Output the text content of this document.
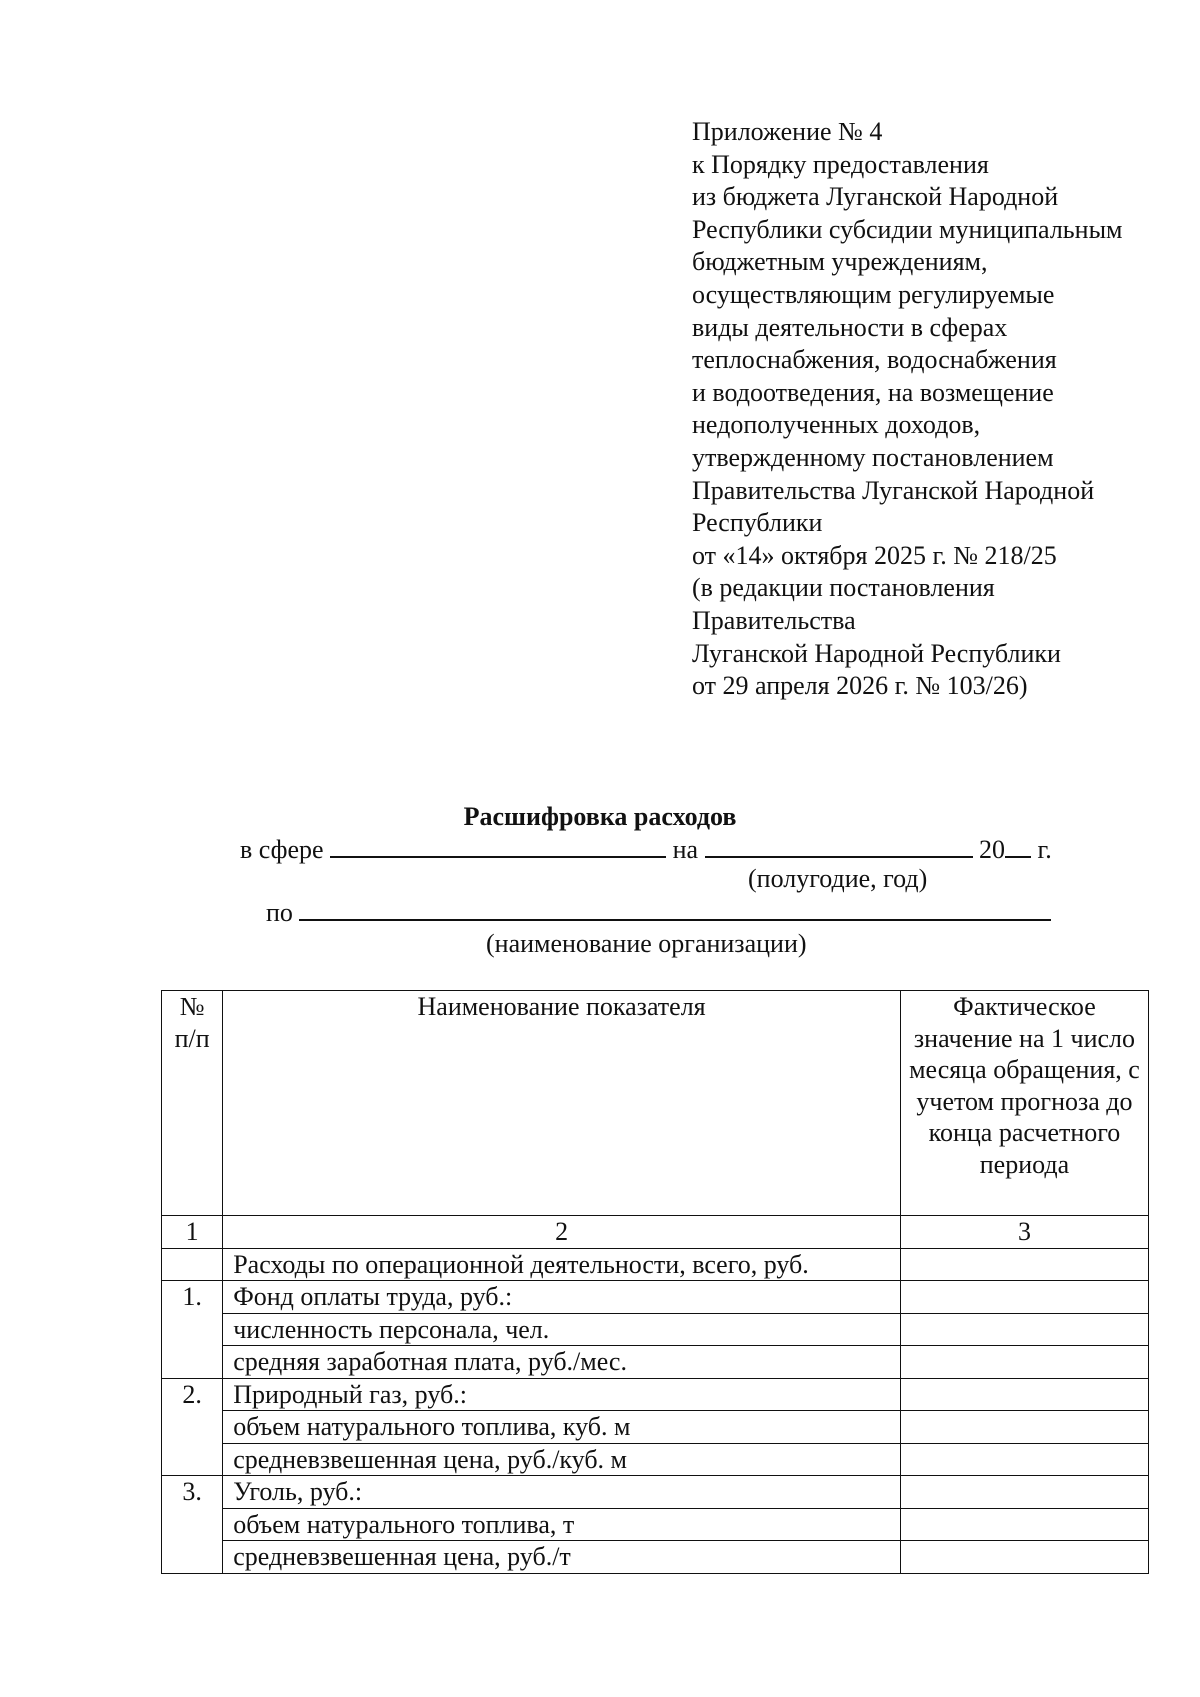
Приложение № 4
к Порядку предоставления
из бюджета Луганской Народной
Республики субсидии муниципальным
бюджетным учреждениям,
осуществляющим регулируемые
виды деятельности в сферах
теплоснабжения, водоснабжения
и водоотведения, на возмещение
недополученных доходов,
утвержденному постановлением
Правительства Луганской Народной
Республики
от «14» октября 2025 г. № 218/25
(в редакции постановления
Правительства
Луганской Народной Республики
от 29 апреля 2026 г. № 103/26)
Расшифровка расходов
в сфере	на	20 г.
(полугодие, год)
по
(наименование организации)
№ п/п	Наименование показателя	Фактическое значение на 1 число месяца обращения, с учетом прогноза до конца расчетного периода
1	2	3
	Расходы по операционной деятельности, всего, руб.	
1.	Фонд оплаты труда, руб.:	
	численность персонала, чел.	
	средняя заработная плата, руб./мес.	
2.	Природный газ, руб.:	
	объем натурального топлива, куб. м	
	средневзвешенная цена, руб./куб. м	
3.	Уголь, руб.:	
	объем натурального топлива, т	
	средневзвешенная цена, руб./т	
